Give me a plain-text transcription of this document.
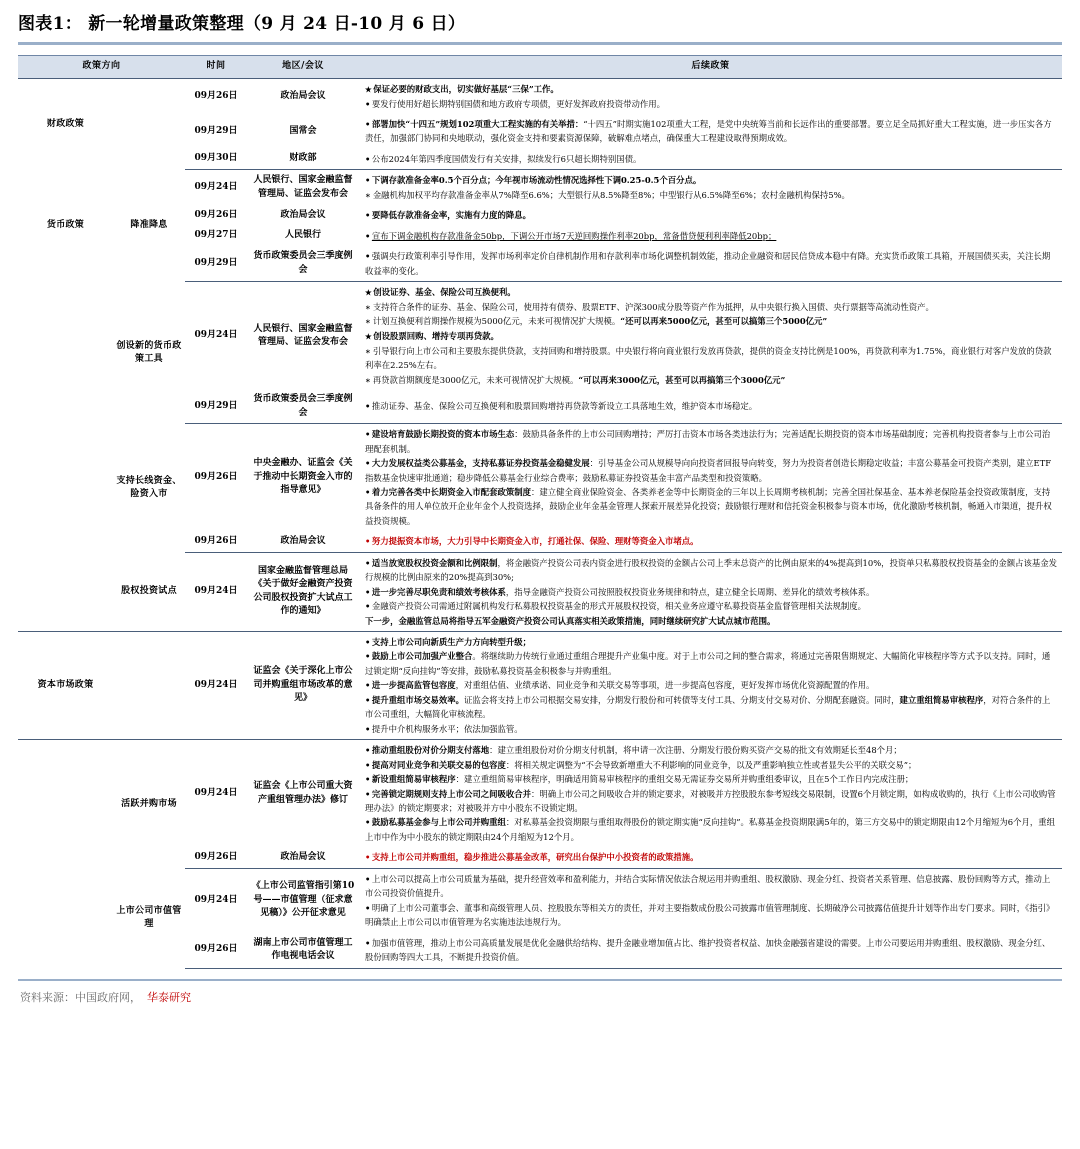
图表1： 新一轮增量政策整理（9 月 24 日-10 月 6 日）
政策方向		时间	地区/会议	后续政策
财政政策		09月26日	政治局会议	★ 保证必要的财政支出，切实做好基层“三保”工作。
• 要发行使用好超长期特别国债和地方政府专项债，更好发挥政府投资带动作用。

		09月29日	国常会	• 部署加快“十四五”规划102项重大工程实施的有关举措：“十四五”时期实施102项重大工程，是党中央统筹当前和长远作出的重要部署。要立足全局抓好重大工程实施，进一步压实各方责任，加强部门协同和央地联动，强化资金支持和要素资源保障，破解难点堵点，确保重大工程建设取得预期成效。

		09月30日	财政部	• 公布2024年第四季度国债发行有关安排，拟续发行6只超长期特别国债。

货币政策	降准降息	09月24日	人民银行、国家金融监督管理局、证监会发布会	• 下调存款准备金率0.5个百分点；今年视市场流动性情况选择性下调0.25-0.5个百分点。
∗ 金融机构加权平均存款准备金率从7%降至6.6%；大型银行从8.5%降至8%；中型银行从6.5%降至6%；农村金融机构保持5%。

		09月26日	政治局会议	• 要降低存款准备金率，实施有力度的降息。

		09月27日	人民银行	• 宣布下调金融机构存款准备金50bp，下调公开市场7天逆回购操作利率20bp，常备借贷便利利率降低20bp；

		09月29日	货币政策委员会三季度例会	• 强调央行政策利率引导作用，发挥市场利率定价自律机制作用和存款利率市场化调整机制效能，推动企业融资和居民信贷成本稳中有降。充实货币政策工具箱，开展国债买卖，关注长期收益率的变化。

	创设新的货币政策工具	09月24日	人民银行、国家金融监督管理局、证监会发布会	
★ 创设证券、基金、保险公司互换便利。
∗ 支持符合条件的证券、基金、保险公司，使用持有债券、股票ETF、沪深300成分股等资产作为抵押，从中央银行换入国债、央行票据等高流动性资产。
∗ 计划互换便利首期操作规模为5000亿元，未来可视情况扩大规模。“还可以再来5000亿元，甚至可以搞第三个5000亿元”
★ 创设股票回购、增持专项再贷款。
∗ 引导银行向上市公司和主要股东提供贷款，支持回购和增持股票。中央银行将向商业银行发放再贷款，提供的资金支持比例是100%，再贷款利率为1.75%，商业银行对客户发放的贷款利率在2.25%左右。
∗ 再贷款首期额度是3000亿元，未来可视情况扩大规模。“可以再来3000亿元，甚至可以再搞第三个3000亿元”

		09月29日	货币政策委员会三季度例会	• 推动证券、基金、保险公司互换便利和股票回购增持再贷款等新设立工具落地生效，维护资本市场稳定。

	支持长线资金、险资入市	09月26日	中央金融办、证监会《关于推动中长期资金入市的指导意见》	• 建设培育鼓励长期投资的资本市场生态：鼓励具备条件的上市公司回购增持；严厉打击资本市场各类违法行为；完善适配长期投资的资本市场基础制度；完善机构投资者参与上市公司治理配套机制。
• 大力发展权益类公募基金，支持私募证券投资基金稳健发展：引导基金公司从规模导向向投资者回报导向转变，努力为投资者创造长期稳定收益；丰富公募基金可投资产类别，建立ETF指数基金快速审批通道；稳步降低公募基金行业综合费率；鼓励私募证券投资基金丰富产品类型和投资策略。
• 着力完善各类中长期资金入市配套政策制度：建立健全商业保险资金、各类养老金等中长期资金的三年以上长周期考核机制；完善全国社保基金、基本养老保险基金投资政策制度，支持具备条件的用人单位放开企业年金个人投资选择，鼓励企业年金基金管理人探索开展差异化投资；鼓励银行理财和信托资金积极参与资本市场，优化激励考核机制，畅通入市渠道，提升权益投资规模。

		09月26日	政治局会议	• 努力提振资本市场，大力引导中长期资金入市，打通社保、保险、理财等资金入市堵点。

	股权投资试点	09月24日	国家金融监督管理总局《关于做好金融资产投资公司股权投资扩大试点工作的通知》	• 适当放宽股权投资金额和比例限制，将金融资产投资公司表内资金进行股权投资的金额占公司上季末总资产的比例由原来的4%提高到10%，投资单只私募股权投资基金的金额占该基金发行规模的比例由原来的20%提高到30%;
• 进一步完善尽职免责和绩效考核体系，指导金融资产投资公司按照股权投资业务规律和特点，建立健全长周期、差异化的绩效考核体系。
• 金融资产投资公司需通过附属机构发行私募股权投资基金的形式开展股权投资，相关业务应遵守私募投资基金监督管理相关法规制度。
下一步，金融监管总局将指导五军金融资产投资公司认真落实相关政策措施，同时继续研究扩大试点城市范围。

资本市场政策		09月24日	证监会《关于深化上市公司并购重组市场改革的意见》	• 支持上市公司向新质生产力方向转型升级；
• 鼓励上市公司加强产业整合。将继续助力传统行业通过重组合理提升产业集中度。对于上市公司之间的整合需求，将通过完善限售期规定、大幅简化审核程序等方式予以支持。同时，通过锁定期“反向挂钩”等安排，鼓励私募投资基金积极参与并购重组。
• 进一步提高监管包容度，对重组估值、业绩承诺、同业竞争和关联交易等事项，进一步提高包容度，更好发挥市场优化资源配置的作用。
• 提升重组市场交易效率。证监会将支持上市公司根据交易安排，分期发行股份和可转债等支付工具、分期支付交易对价、分期配套融资。同时，建立重组简易审核程序，对符合条件的上市公司重组，大幅简化审核流程。
• 提升中介机构服务水平；依法加强监管。

	活跃并购市场	09月24日	证监会《上市公司重大资产重组管理办法》修订	• 推动重组股份对价分期支付落地：建立重组股份对价分期支付机制，将申请一次注册、分期发行股份购买资产交易的批文有效期延长至48个月；
• 提高对同业竞争和关联交易的包容度：将相关规定调整为“不会导致新增重大不利影响的同业竞争，以及严重影响独立性或者显失公平的关联交易”；
• 新设重组简易审核程序：建立重组简易审核程序，明确适用简易审核程序的重组交易无需证券交易所并购重组委审议，且在5个工作日内完成注册；
• 完善锁定期规则支持上市公司之间吸收合并：明确上市公司之间吸收合并的锁定要求，对被吸并方控股股东参考短线交易限制，设置6个月锁定期，如构成收购的，执行《上市公司收购管理办法》的锁定期要求；对被吸并方中小股东不设锁定期。
• 鼓励私募基金参与上市公司并购重组：对私募基金投资期限与重组取得股份的锁定期实施“反向挂钩”。私募基金投资期限满5年的，第三方交易中的锁定期限由12个月缩短为6个月，重组上市中作为中小股东的锁定期限由24个月缩短为12个月。

		09月26日	政治局会议	• 支持上市公司并购重组，稳步推进公募基金改革，研究出台保护中小投资者的政策措施。

	上市公司市值管理	09月24日	《上市公司监管指引第10号——市值管理（征求意见稿）》公开征求意见	• 上市公司以提高上市公司质量为基础，提升经营效率和盈利能力，并结合实际情况依法合规运用并购重组、股权激励、现金分红、投资者关系管理、信息披露、股份回购等方式，推动上市公司投资价值提升。
• 明确了上市公司董事会、董事和高级管理人员、控股股东等相关方的责任，并对主要指数成份股公司披露市值管理制度、长期破净公司披露估值提升计划等作出专门要求。同时，《指引》明确禁止上市公司以市值管理为名实施违法违规行为。

		09月26日	湖南上市公司市值管理工作电视电话会议	• 加强市值管理，推动上市公司高质量发展是优化金融供给结构、提升金融业增加值占比、维护投资者权益、加快金融强省建设的需要。上市公司要运用并购重组、股权激励、现金分红、股份回购等四大工具，不断提升投资价值。
资料来源：中国政府网， 华泰研究
